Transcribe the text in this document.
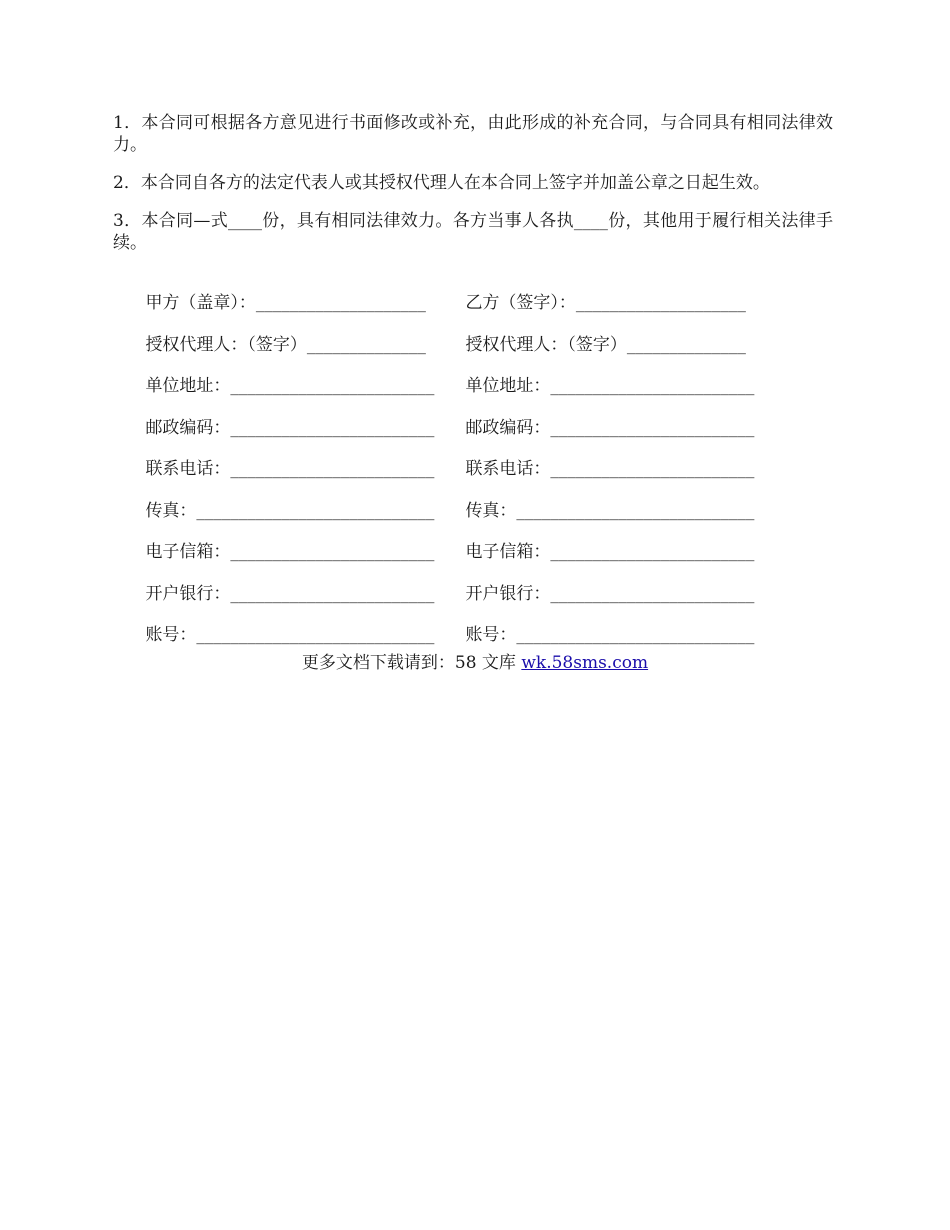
1．本合同可根据各方意见进行书面修改或补充，由此形成的补充合同，与合同具有相同法律效力。

2．本合同自各方的法定代表人或其授权代理人在本合同上签字并加盖公章之日起生效。

3．本合同—式____份，具有相同法律效力。各方当事人各执____份，其他用于履行相关法律手续。

甲方（盖章）：____________________ 乙方（签字）：____________________

授权代理人：（签字）______________ 授权代理人：（签字）______________

单位地址：________________________ 单位地址：________________________

邮政编码：________________________ 邮政编码：________________________

联系电话：________________________ 联系电话：________________________

传真：____________________________ 传真：____________________________

电子信箱：________________________ 电子信箱：________________________

开户银行：________________________ 开户银行：________________________

账号：____________________________ 账号：____________________________

更多文档下载请到：58 文库 wk.58sms.com
